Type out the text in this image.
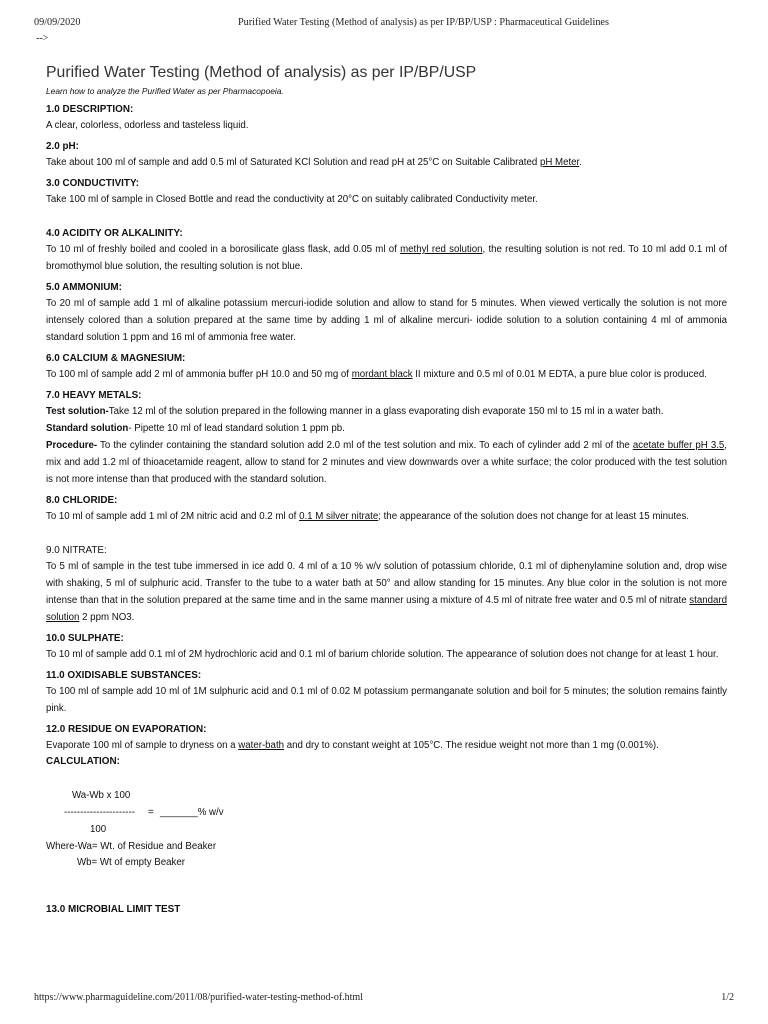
09/09/2020	Purified Water Testing (Method of analysis) as per IP/BP/USP : Pharmaceutical Guidelines
-->
Purified Water Testing (Method of analysis) as per IP/BP/USP

Learn how to analyze the Purified Water as per Pharmacopoeia.

1.0 DESCRIPTION:

A clear, colorless, odorless and tasteless liquid.

2.0 pH:

Take about 100 ml of sample and add 0.5 ml of Saturated KCl Solution and read pH at 25°C on Suitable Calibrated pH Meter.

3.0 CONDUCTIVITY:

Take 100 ml of sample in Closed Bottle and read the conductivity at 20°C on suitably calibrated Conductivity meter.

4.0 ACIDITY OR ALKALINITY:

To 10 ml of freshly boiled and cooled in a borosilicate glass flask, add 0.05 ml of methyl red solution, the resulting solution is not red. To 10 ml add 0.1 ml of bromothymol blue solution, the resulting solution is not blue.

5.0 AMMONIUM:

To 20 ml of sample add 1 ml of alkaline potassium mercuri-iodide solution and allow to stand for 5 minutes. When viewed vertically the solution is not more intensely colored than a solution prepared at the same time by adding 1 ml of alkaline mercuri- iodide solution to a solution containing 4 ml of ammonia standard solution 1 ppm and 16 ml of ammonia free water.

6.0 CALCIUM & MAGNESIUM:

To 100 ml of sample add 2 ml of ammonia buffer pH 10.0 and 50 mg of mordant black II mixture and 0.5 ml of 0.01 M EDTA, a pure blue color is produced.

7.0 HEAVY METALS:

Test solution-Take 12 ml of the solution prepared in the following manner in a glass evaporating dish evaporate 150 ml to 15 ml in a water bath.

Standard solution- Pipette 10 ml of lead standard solution 1 ppm pb.

Procedure- To the cylinder containing the standard solution add 2.0 ml of the test solution and mix. To each of cylinder add 2 ml of the acetate buffer pH 3.5, mix and add 1.2 ml of thioacetamide reagent, allow to stand for 2 minutes and view downwards over a white surface; the color produced with the test solution is not more intense than that produced with the standard solution.

8.0 CHLORIDE:

To 10 ml of sample add 1 ml of 2M nitric acid and 0.2 ml of 0.1 M silver nitrate; the appearance of the solution does not change for at least 15 minutes.

9.0 NITRATE:

To 5 ml of sample in the test tube immersed in ice add 0. 4 ml of a 10 % w/v solution of potassium chloride, 0.1 ml of diphenylamine solution and, drop wise with shaking, 5 ml of sulphuric acid. Transfer to the tube to a water bath at 50° and allow standing for 15 minutes. Any blue color in the solution is not more intense than that in the solution prepared at the same time and in the same manner using a mixture of 4.5 ml of nitrate free water and 0.5 ml of nitrate standard solution 2 ppm NO3.

10.0 SULPHATE:

To 10 ml of sample add 0.1 ml of 2M hydrochloric acid and 0.1 ml of barium chloride solution. The appearance of solution does not change for at least 1 hour.

11.0 OXIDISABLE SUBSTANCES:

To 100 ml of sample add 10 ml of 1M sulphuric acid and 0.1 ml of 0.02 M potassium permanganate solution and boil for 5 minutes; the solution remains faintly pink.

12.0 RESIDUE ON EVAPORATION:

Evaporate 100 ml of sample to dryness on a water-bath and dry to constant weight at 105°C. The residue weight not more than 1 mg (0.001%).

CALCULATION:
Wa-Wb x 100
---------------------- = _______% w/v
100
Where-Wa= Wt. of Residue and Beaker
Wb= Wt of empty Beaker
13.0 MICROBIAL LIMIT TEST
https://www.pharmaguideline.com/2011/08/purified-water-testing-method-of.html	1/2
